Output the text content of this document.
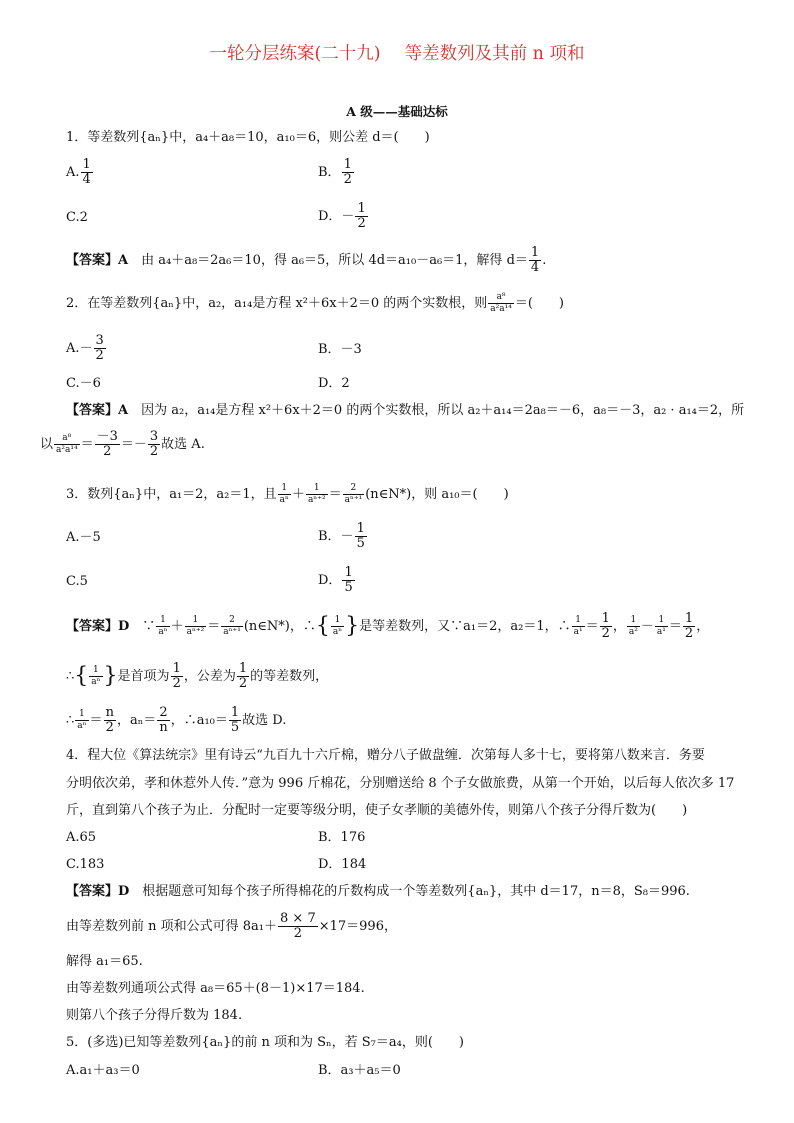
一轮分层练案(二十九) 等差数列及其前 n 项和
A 级——基础达标
1．等差数列{aₙ}中，a₄＋a₈＝10，a₁₀＝6，则公差 d＝(　　)
A. $\frac{1}{4}$	B． $\frac{1}{2}$
C.2	D．－ $\frac{1}{2}$
【答案】A　 由 a₄＋a₈＝2a₆＝10，得 a₆＝5，所以 4d＝a₁₀－a₆＝1，解得 $d= \frac{1}{4}$ .
2．在等差数列{aₙ}中，a₂，a₁₄是方程 x²＋6x＋2＝0 的两个实数根，则 $\frac{\text{a⁸}}{\text{a²a¹⁴}}$ ＝(　　)
$A.- \frac{3}{2}$	B．－3
C.－6	D．2
【答案】A　 因为 a₂，a₁₄是方程 x²＋6x＋2＝0 的两个实数根，所以 a₂＋a₁₄＝2a₈＝－6，a₈＝－3，a₂ · a₁₄＝2，所
以 $\frac{\text{a⁸}}{\text{a²a¹⁴}} = \frac{-3}{2} =- \frac{3}{2}$ 故选 A.
3．数列{aₙ}中，a₁＝2，a₂＝1，且 $\frac{1}{\text{aⁿ}} + \frac{1}{\text{aⁿ⁺²}} = \frac{2}{\text{aⁿ⁺¹}}$ (n∈N*)，则 a₁₀＝(　　)
A.－5	B．－ $\frac{1}{5}$
C.5	D． $\frac{1}{5}$
【答案】D　 ∵ $\frac{1}{\text{aⁿ}} + \frac{1}{\text{aⁿ⁺²}} = \frac{2}{\text{aⁿ⁺¹}}$ (n∈N*)，∴{ $\frac{1}{\text{aⁿ}}$ }是等差数列，又∵a₁＝2，a₂＝1，∴ $\frac{1}{\text{a¹}} = \frac{1}{2}$ ， $\frac{1}{\text{a²}} - \frac{1}{\text{a¹}} = \frac{1}{2}$ ，
∴{ $\frac{1}{\text{aⁿ}}$ }是首项为 $\frac{1}{2}$ ，公差为 $\frac{1}{2}$ 的等差数列，
∴ $\frac{1}{\text{aⁿ}} = \frac{n}{2}$ ，$a_n= \frac{2}{n}$ ，∴a₁₀＝ $\frac{1}{5}$ 故选 D.
4．程大位《算法统宗》里有诗云“九百九十六斤棉，赠分八子做盘缠．次第每人多十七，要将第八数来言．务要
分明依次弟，孝和休惹外人传．”意为 996 斤棉花，分别赠送给 8 个子女做旅费，从第一个开始，以后每人依次多 17
斤，直到第八个孩子为止．分配时一定要等级分明，使子女孝顺的美德外传，则第八个孩子分得斤数为(　　)
A.65	B．176
C.183	D．184
【答案】D　 根据题意可知每个孩子所得棉花的斤数构成一个等差数列{aₙ}，其中 d＝17，n＝8，S₈＝996.
由等差数列前 n 项和公式可得 $8a_1+ \frac{8 \times 7}{2} \times 17=996$，
解得 a₁＝65.
由等差数列通项公式得 a₈＝65＋(8－1)×17＝184.
则第八个孩子分得斤数为 184.
5．(多选)已知等差数列{aₙ}的前 n 项和为 Sₙ，若 S₇＝a₄，则(　　)
A.a₁＋a₃＝0	B．a₃＋a₅＝0
